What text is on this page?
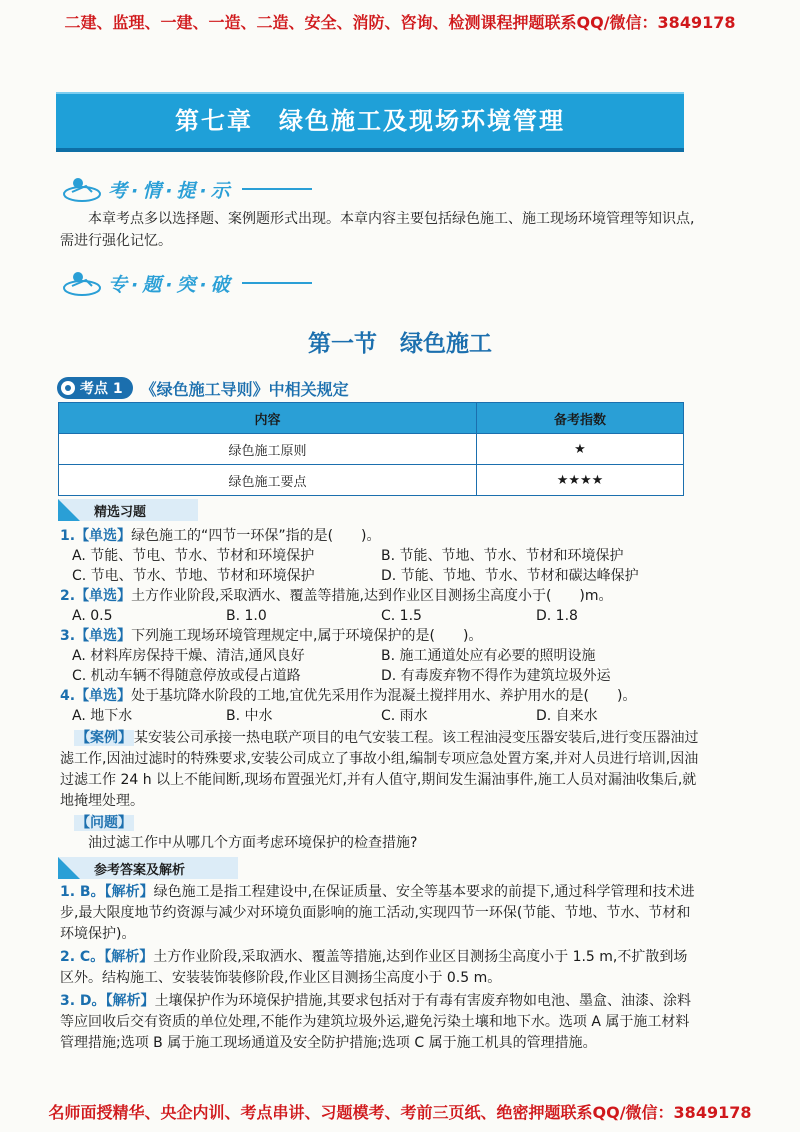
二建、监理、一建、一造、二造、安全、消防、咨询、检测课程押题联系QQ/微信：3849178
第七章　绿色施工及现场环境管理
考·情·提·示
本章考点多以选择题、案例题形式出现。本章内容主要包括绿色施工、施工现场环境管理等知识点,需进行强化记忆。
专·题·突·破
第一节　绿色施工
考点 1 《绿色施工导则》中相关规定
内容	备考指数
绿色施工原则	★
绿色施工要点	★★★★
精选习题
1.【单选】绿色施工的“四节一环保”指的是(　　)。
A. 节能、节电、节水、节材和环境保护	B. 节能、节地、节水、节材和环境保护
C. 节电、节水、节地、节材和环境保护	D. 节能、节地、节水、节材和碳达峰保护
2.【单选】土方作业阶段,采取洒水、覆盖等措施,达到作业区目测扬尘高度小于(　　)m。
A. 0.5	B. 1.0	C. 1.5	D. 1.8
3.【单选】下列施工现场环境管理规定中,属于环境保护的是(　　)。
A. 材料库房保持干燥、清洁,通风良好	B. 施工通道处应有必要的照明设施
C. 机动车辆不得随意停放或侵占道路	D. 有毒废弃物不得作为建筑垃圾外运
4.【单选】处于基坑降水阶段的工地,宜优先采用作为混凝土搅拌用水、养护用水的是(　　)。
A. 地下水	B. 中水	C. 雨水	D. 自来水
【案例】 某安装公司承接一热电联产项目的电气安装工程。该工程油浸变压器安装后,进行变压器油过滤工作,因油过滤时的特殊要求,安装公司成立了事故小组,编制专项应急处置方案,并对人员进行培训,因油过滤工作 24 h 以上不能间断,现场布置强光灯,并有人值守,期间发生漏油事件,施工人员对漏油收集后,就地掩埋处理。
【问题】
油过滤工作中从哪几个方面考虑环境保护的检查措施?
参考答案及解析
1. B。【解析】绿色施工是指工程建设中,在保证质量、安全等基本要求的前提下,通过科学管理和技术进步,最大限度地节约资源与减少对环境负面影响的施工活动,实现四节一环保(节能、节地、节水、节材和环境保护)。
2. C。【解析】土方作业阶段,采取洒水、覆盖等措施,达到作业区目测扬尘高度小于 1.5 m,不扩散到场区外。结构施工、安装装饰装修阶段,作业区目测扬尘高度小于 0.5 m。
3. D。【解析】土壤保护作为环境保护措施,其要求包括对于有毒有害废弃物如电池、墨盒、油漆、涂料等应回收后交有资质的单位处理,不能作为建筑垃圾外运,避免污染土壤和地下水。选项 A 属于施工材料管理措施;选项 B 属于施工现场通道及安全防护措施;选项 C 属于施工机具的管理措施。
名师面授精华、央企内训、考点串讲、习题模考、考前三页纸、绝密押题联系QQ/微信：3849178
